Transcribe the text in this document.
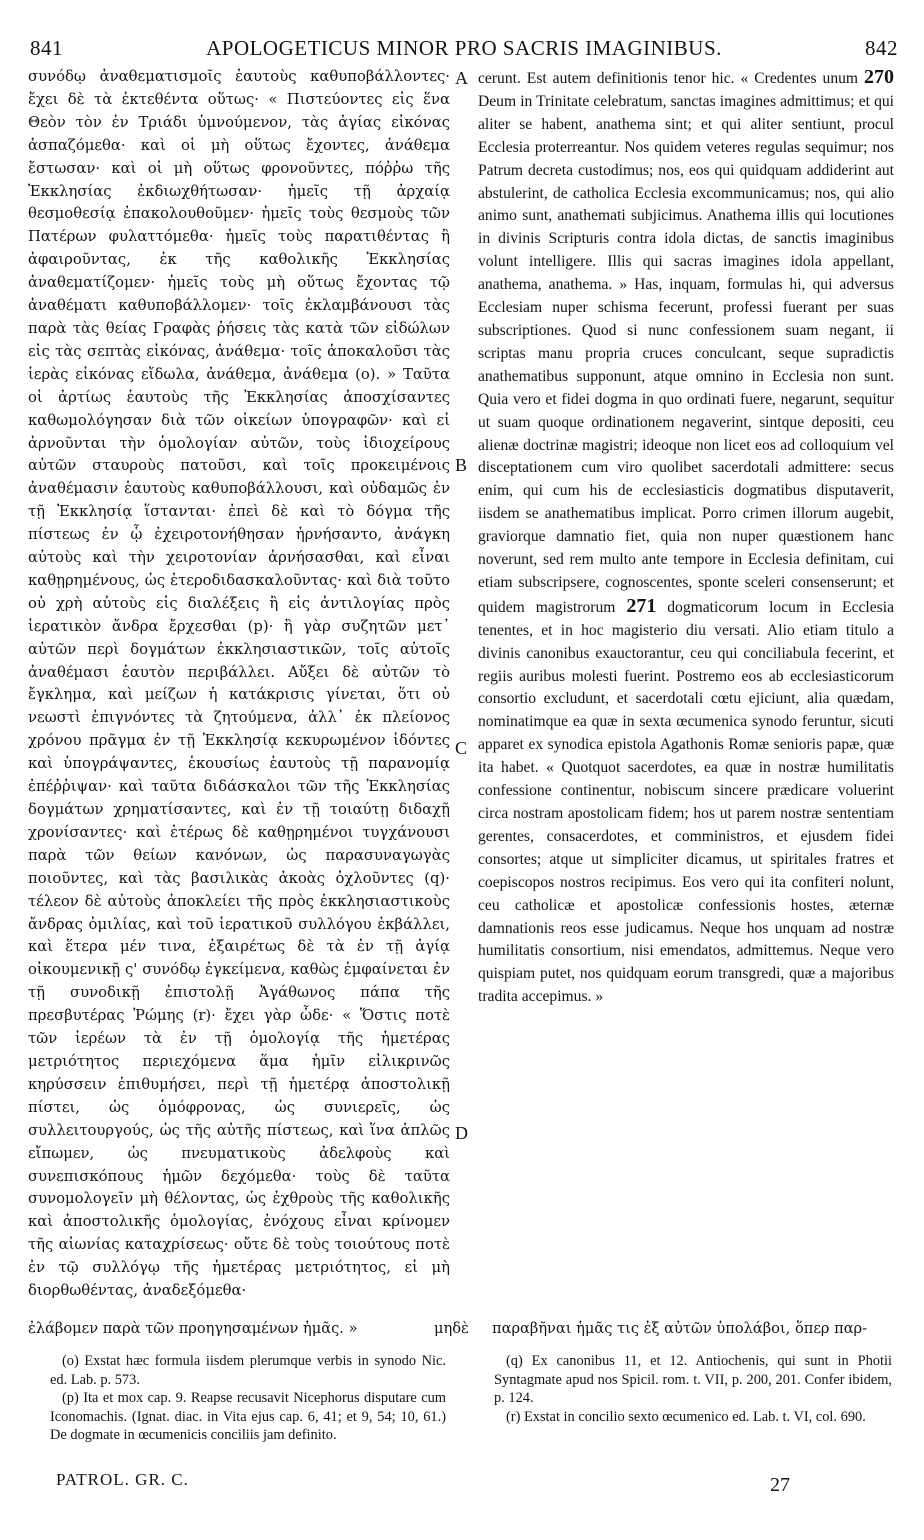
841	APOLOGETICUS MINOR PRO SACRIS IMAGINIBUS.	842

συνόδῳ ἀναθεματισμοῖς ἑαυτοὺς καθυποβάλλοντες· ἔχει δὲ τὰ ἐκτεθέντα οὕτως· « Πιστεύοντες εἰς ἕνα Θεὸν τὸν ἐν Τριάδι ὑμνούμενον, τὰς ἁγίας εἰκόνας ἀσπαζόμεθα· καὶ οἱ μὴ οὕτως ἔχοντες, ἀνάθεμα ἔστωσαν· καὶ οἱ μὴ οὕτως φρονοῦντες, πόῤῥω τῆς Ἐκκλησίας ἐκδιωχθήτωσαν· ἡμεῖς τῇ ἀρχαίᾳ θεσμοθεσίᾳ ἐπακολουθοῦμεν· ἡμεῖς τοὺς θεσμοὺς τῶν Πατέρων φυλαττόμεθα· ἡμεῖς τοὺς παρατιθέντας ἢ ἀφαιροῦντας, ἐκ τῆς καθολικῆς Ἐκκλησίας ἀναθεματίζομεν· ἡμεῖς τοὺς μὴ οὕτως ἔχοντας τῷ ἀναθέματι καθυποβάλλομεν· τοῖς ἐκλαμβάνουσι τὰς παρὰ τὰς θείας Γραφὰς ῥήσεις τὰς κατὰ τῶν εἰδώλων εἰς τὰς σεπτὰς εἰκόνας, ἀνάθεμα· τοῖς ἀποκαλοῦσι τὰς ἱερὰς εἰκόνας εἴδωλα, ἀνάθεμα, ἀνάθεμα (o). » Ταῦτα οἱ ἀρτίως ἑαυτοὺς τῆς Ἐκκλησίας ἀποσχίσαντες καθωμολόγησαν διὰ τῶν οἰκείων ὑπογραφῶν· καὶ εἰ ἀρνοῦνται τὴν ὁμολογίαν αὐτῶν, τοὺς ἰδιοχείρους αὐτῶν σταυροὺς πατοῦσι, καὶ τοῖς προκειμένοις ἀναθέμασιν ἑαυτοὺς καθυποβάλλουσι, καὶ οὐδαμῶς ἐν τῇ Ἐκκλησίᾳ ἵστανται· ἐπεὶ δὲ καὶ τὸ δόγμα τῆς πίστεως ἐν ᾧ ἐχειροτονήθησαν ἠρνήσαντο, ἀνάγκη αὐτοὺς καὶ τὴν χειροτονίαν ἀρνήσασθαι, καὶ εἶναι καθῃρημένους, ὡς ἑτεροδιδασκαλοῦντας· καὶ διὰ τοῦτο οὐ χρὴ αὐτοὺς εἰς διαλέξεις ἢ εἰς ἀντιλογίας πρὸς ἱερατικὸν ἄνδρα ἔρχεσθαι (p)· ἢ γὰρ συζητῶν μετ᾽ αὐτῶν περὶ δογμάτων ἐκκλησιαστικῶν, τοῖς αὐτοῖς ἀναθέμασι ἑαυτὸν περιβάλλει. Αὔξει δὲ αὐτῶν τὸ ἔγκλημα, καὶ μείζων ἡ κατάκρισις γίνεται, ὅτι οὐ νεωστὶ ἐπιγνόντες τὰ ζητούμενα, ἀλλ᾽ ἐκ πλείονος χρόνου πρᾶγμα ἐν τῇ Ἐκκλησίᾳ κεκυρωμένον ἰδόντες καὶ ὑπογράψαντες, ἑκουσίως ἑαυτοὺς τῇ παρανομίᾳ ἐπέῤῥιψαν· καὶ ταῦτα διδάσκαλοι τῶν τῆς Ἐκκλησίας δογμάτων χρηματίσαντες, καὶ ἐν τῇ τοιαύτῃ διδαχῇ χρονίσαντες· καὶ ἑτέρως δὲ καθῃρημένοι τυγχάνουσι παρὰ τῶν θείων κανόνων, ὡς παρασυναγωγὰς ποιοῦντες, καὶ τὰς βασιλικὰς ἀκοὰς ὀχλοῦντες (q)· τέλεον δὲ αὐτοὺς ἀποκλείει τῆς πρὸς ἐκκλησιαστικοὺς ἄνδρας ὁμιλίας, καὶ τοῦ ἱερατικοῦ συλλόγου ἐκβάλλει, καὶ ἕτερα μέν τινα, ἐξαιρέτως δὲ τὰ ἐν τῇ ἁγίᾳ οἰκουμενικῇ ς' συνόδῳ ἐγκείμενα, καθὼς ἐμφαίνεται ἐν τῇ συνοδικῇ ἐπιστολῇ Ἀγάθωνος πάπα τῆς πρεσβυτέρας Ῥώμης (r)· ἔχει γὰρ ὧδε· « Ὅστις ποτὲ τῶν ἱερέων τὰ ἐν τῇ ὁμολογίᾳ τῆς ἡμετέρας μετριότητος περιεχόμενα ἅμα ἡμῖν εἰλικρινῶς κηρύσσειν ἐπιθυμήσει, περὶ τῇ ἡμετέρᾳ ἀποστολικῇ πίστει, ὡς ὁμόφρονας, ὡς συνιερεῖς, ὡς συλλειτουργούς, ὡς τῆς αὐτῆς πίστεως, καὶ ἵνα ἁπλῶς εἴπωμεν, ὡς πνευματικοὺς ἀδελφοὺς καὶ συνεπισκόπους ἡμῶν δεχόμεθα· τοὺς δὲ ταῦτα συνομολογεῖν μὴ θέλοντας, ὡς ἐχθροὺς τῆς καθολικῆς καὶ ἀποστολικῆς ὁμολογίας, ἐνόχους εἶναι κρίνομεν τῆς αἰωνίας καταχρίσεως· οὔτε δὲ τοὺς τοιούτους ποτὲ ἐν τῷ συλλόγῳ τῆς ἡμετέρας μετριότητος, εἰ μὴ διορθωθέντας, ἀναδεξόμεθα·

cerunt. Est autem definitionis tenor hic. « Credentes unum 270 Deum in Trinitate celebratum, sanctas imagines admittimus; et qui aliter se habent, anathema sint; et qui aliter sentiunt, procul Ecclesia proterreantur. Nos quidem veteres regulas sequimur; nos Patrum decreta custodimus; nos, eos qui quidquam addiderint aut abstulerint, de catholica Ecclesia excommunicamus; nos, qui alio animo sunt, anathemati subjicimus. Anathema illis qui locutiones in divinis Scripturis contra idola dictas, de sanctis imaginibus volunt intelligere. Illis qui sacras imagines idola appellant, anathema, anathema. » Has, inquam, formulas hi, qui adversus Ecclesiam nuper schisma fecerunt, professi fuerant per suas subscriptiones. Quod si nunc confessionem suam negant, ii scriptas manu propria cruces conculcant, seque supradictis anathematibus supponunt, atque omnino in Ecclesia non sunt. Quia vero et fidei dogma in quo ordinati fuere, negarunt, sequitur ut suam quoque ordinationem negaverint, sintque depositi, ceu alienæ doctrinæ magistri; ideoque non licet eos ad colloquium vel disceptationem cum viro quolibet sacerdotali admittere: secus enim, qui cum his de ecclesiasticis dogmatibus disputaverit, iisdem se anathematibus implicat. Porro crimen illorum augebit, graviorque damnatio fiet, quia non nuper quæstionem hanc noverunt, sed rem multo ante tempore in Ecclesia definitam, cui etiam subscripsere, cognoscentes, sponte sceleri consenserunt; et quidem magistrorum 271 dogmaticorum locum in Ecclesia tenentes, et in hoc magisterio diu versati. Alio etiam titulo a divinis canonibus exauctorantur, ceu qui conciliabula fecerint, et regiis auribus molesti fuerint. Postremo eos ab ecclesiasticorum consortio excludunt, et sacerdotali cœtu ejiciunt, alia quædam, nominatimque ea quæ in sexta œcumenica synodo feruntur, sicuti apparet ex synodica epistola Agathonis Romæ senioris papæ, quæ ita habet. « Quotquot sacerdotes, ea quæ in nostræ humilitatis confessione continentur, nobiscum sincere prædicare voluerint circa nostram apostolicam fidem; hos ut parem nostræ sententiam gerentes, consacerdotes, et comministros, et ejusdem fidei consortes; atque ut simpliciter dicamus, ut spiritales fratres et coepiscopos nostros recipimus. Eos vero qui ita confiteri nolunt, ceu catholicæ et apostolicæ confessionis hostes, æternæ damnationis reos esse judicamus. Neque hos unquam ad nostræ humilitatis consortium, nisi emendatos, admittemus. Neque vero quispiam putet, nos quidquam eorum transgredi, quæ a majoribus tradita accepimus. »

ἐλάβομεν παρὰ τῶν προηγησαμένων ἡμᾶς. »	μηδὲ παραβῆναι ἡμᾶς τις ἐξ αὐτῶν ὑπολάβοι, ὅπερ παρ-
A
B
C
D

(o) Exstat hæc formula iisdem plerumque verbis in synodo Nic. ed. Lab. p. 573.

(p) Ita et mox cap. 9. Reapse recusavit Nicephorus disputare cum Iconomachis. (Ignat. diac. in Vita ejus cap. 6, 41; et 9, 54; 10, 61.) De dogmate in œcumenicis conciliis jam definito.

(q) Ex canonibus 11, et 12. Antiochenis, qui sunt in Photii Syntagmate apud nos Spicil. rom. t. VII, p. 200, 201. Confer ibidem, p. 124.

(r) Exstat in concilio sexto œcumenico ed. Lab. t. VI, col. 690.

PATROL. GR. C.	27
